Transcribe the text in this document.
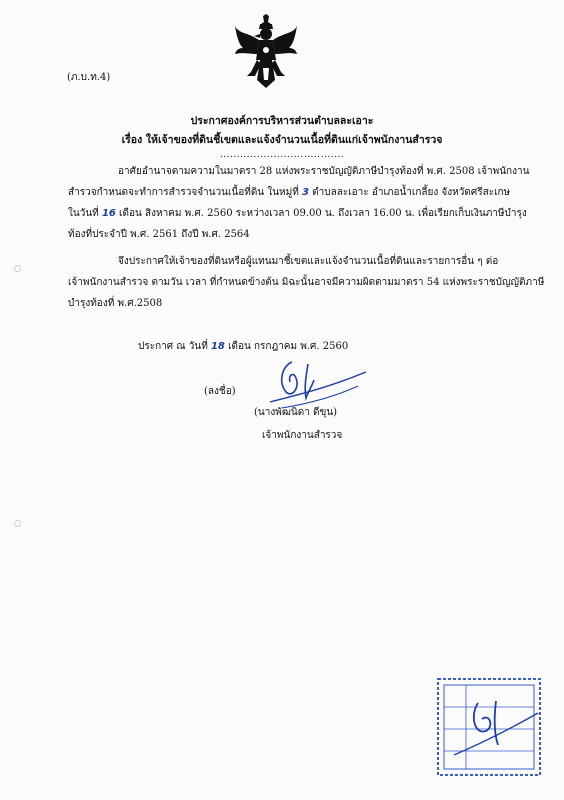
(ภ.บ.ท.4)
ประกาศองค์การบริหารส่วนตำบลละเอาะ
เรื่อง ให้เจ้าของที่ดินชี้เขตและแจ้งจำนวนเนื้อที่ดินแก่เจ้าพนักงานสำรวจ
.....................................
อาศัยอำนาจตามความในมาตรา 28 แห่งพระราชบัญญัติภาษีบำรุงท้องที่ พ.ศ. 2508 เจ้าพนักงาน
สำรวจกำหนดจะทำการสำรวจจำนวนเนื้อที่ดิน ในหมู่ที่ 3 ตำบลละเอาะ อำเภอน้ำเกลี้ยง จังหวัดศรีสะเกษ
ในวันที่ 16 เดือน สิงหาคม พ.ศ. 2560 ระหว่างเวลา 09.00 น. ถึงเวลา 16.00 น. เพื่อเรียกเก็บเงินภาษีบำรุง
ท้องที่ประจำปี พ.ศ. 2561 ถึงปี พ.ศ. 2564
จึงประกาศให้เจ้าของที่ดินหรือผู้แทนมาชี้เขตและแจ้งจำนวนเนื้อที่ดินและรายการอื่น ๆ ต่อ
เจ้าพนักงานสำรวจ ตามวัน เวลา ที่กำหนดข้างต้น มิฉะนั้นอาจมีความผิดตามมาตรา 54 แห่งพระราชบัญญัติภาษี
บำรุงท้องที่ พ.ศ.2508
ประกาศ ณ วันที่ 18 เดือน กรกฎาคม พ.ศ. 2560
(ลงชื่อ)
(นางพัฒนิดา ดีขุน)
เจ้าพนักงานสำรวจ
